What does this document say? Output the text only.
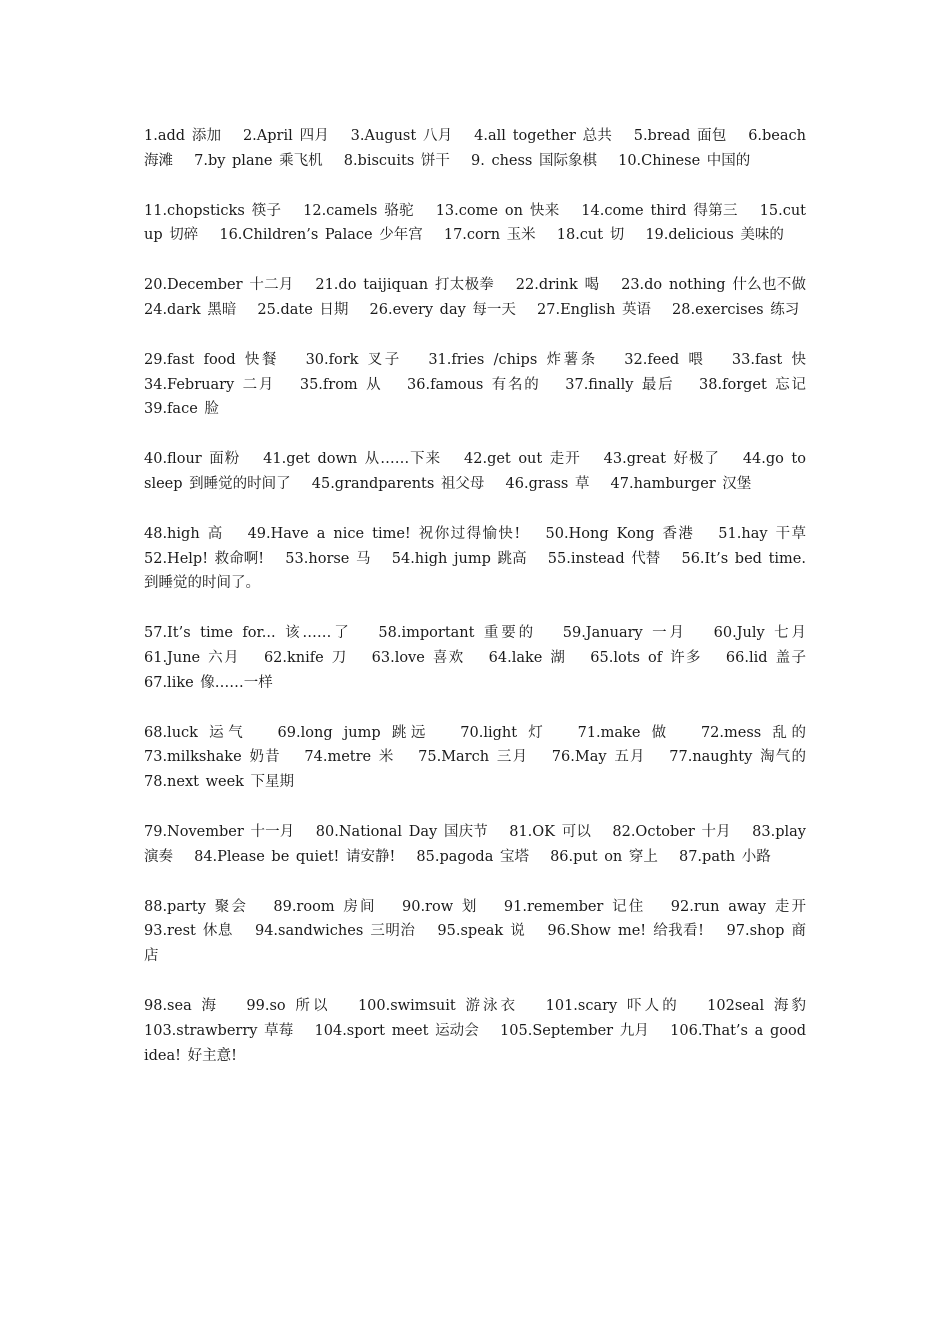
1.add 添加　 2.April 四月　 3.August 八月　 4.all together 总共　 5.bread 面包　 6.beach 海滩　 7.by plane 乘飞机　 8.biscuits 饼干　 9. chess 国际象棋　 10.Chinese 中国的

11.chopsticks 筷子　 12.camels 骆驼　 13.come on 快来　 14.come third 得第三　 15.cut up 切碎　 16.Children’s Palace 少年宫　 17.corn 玉米　 18.cut 切　 19.delicious 美味的

20.December 十二月　 21.do taijiquan 打太极拳　 22.drink 喝　 23.do nothing 什么也不做　 24.dark 黑暗　 25.date 日期　 26.every day 每一天　 27.English 英语　 28.exercises 练习

29.fast food 快餐　 30.fork 叉子　 31.fries /chips 炸薯条　 32.feed 喂　 33.fast 快　 34.February 二月　 35.from 从　 36.famous 有名的　 37.finally 最后　 38.forget 忘记　 39.face 脸

40.flour 面粉　 41.get down 从……下来　 42.get out 走开　 43.great 好极了　 44.go to sleep 到睡觉的时间了　 45.grandparents 祖父母　 46.grass 草　 47.hamburger 汉堡

48.high 高　 49.Have a nice time! 祝你过得愉快!　 50.Hong Kong 香港　 51.hay 干草　 52.Help! 救命啊!　 53.horse 马　 54.high jump 跳高　 55.instead 代替　 56.It’s bed time. 到睡觉的时间了。

57.It’s time for... 该……了　 58.important 重要的　 59.January 一月　 60.July 七月　 61.June 六月　 62.knife 刀　 63.love 喜欢　 64.lake 湖　 65.lots of 许多　 66.lid 盖子　 67.like 像……一样

68.luck 运气　 69.long jump 跳远　 70.light 灯　 71.make 做　 72.mess 乱的　 73.milkshake 奶昔　 74.metre 米　 75.March 三月　 76.May 五月　 77.naughty 淘气的　 78.next week 下星期

79.November 十一月　 80.National Day 国庆节　 81.OK 可以　 82.October 十月　 83.play 演奏　 84.Please be quiet! 请安静!　 85.pagoda 宝塔　 86.put on 穿上　 87.path 小路

88.party 聚会　 89.room 房间　 90.row 划　 91.remember 记住　 92.run away 走开　 93.rest 休息　 94.sandwiches 三明治　 95.speak 说　 96.Show me! 给我看!　 97.shop 商店

98.sea 海　 99.so 所以　 100.swimsuit 游泳衣　 101.scary 吓人的　 102seal 海豹　 103.strawberry 草莓　 104.sport meet 运动会　 105.September 九月　 106.That’s a good idea! 好主意!
